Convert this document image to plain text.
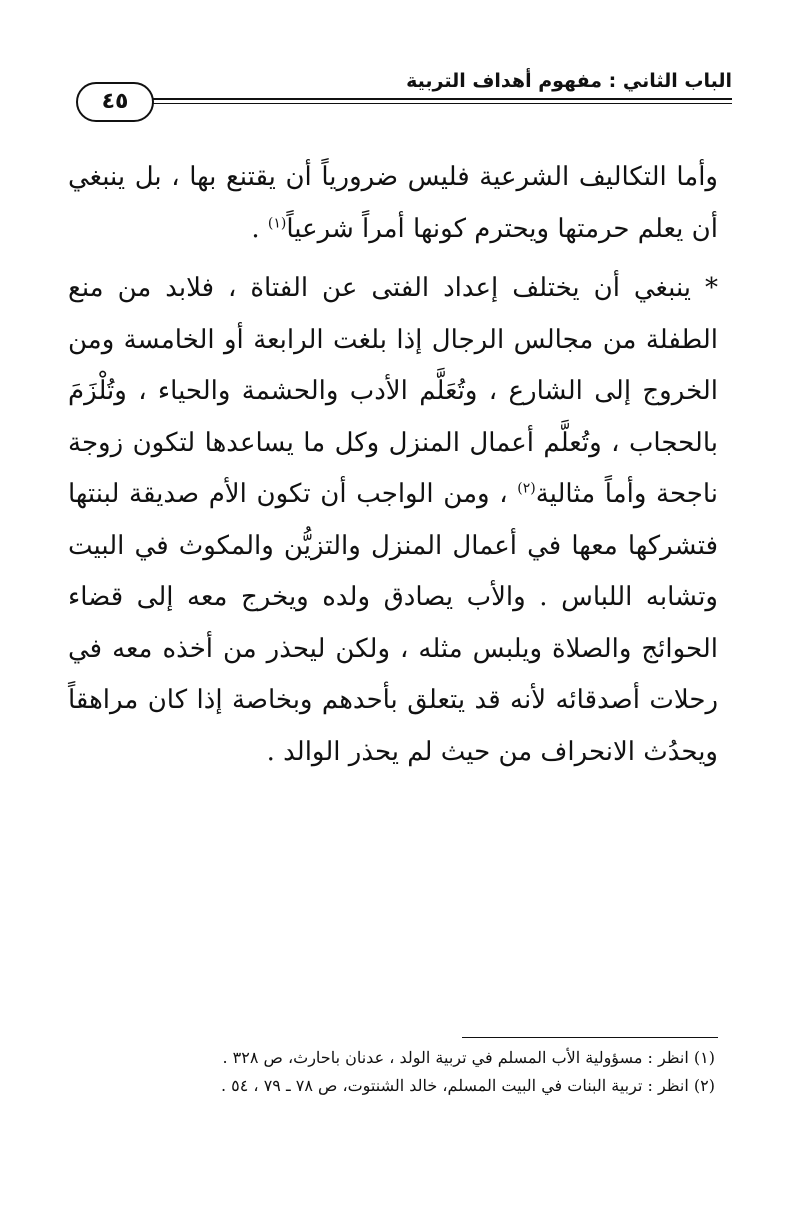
الباب الثاني : مفهوم أهداف التربية
٤٥

وأما التكاليف الشرعية فليس ضرورياً أن يقتنع بها ، بل ينبغي أن يعلم حرمتها ويحترم كونها أمراً شرعياً$^{(١)}$ .

* ينبغي أن يختلف إعداد الفتى عن الفتاة ، فلابد من منع الطفلة من مجالس الرجال إذا بلغت الرابعة أو الخامسة ومن الخروج إلى الشارع ، وتُعَلَّم الأدب والحشمة والحياء ، وتُلْزَمَ بالحجاب ، وتُعلَّم أعمال المنزل وكل ما يساعدها لتكون زوجة ناجحة وأماً مثالية$^{(٢)}$ ، ومن الواجب أن تكون الأم صديقة لبنتها فتشركها معها في أعمال المنزل والتزيُّن والمكوث في البيت وتشابه اللباس . والأب يصادق ولده ويخرج معه إلى قضاء الحوائج والصلاة ويلبس مثله ، ولكن ليحذر من أخذه معه في رحلات أصدقائه لأنه قد يتعلق بأحدهم وبخاصة إذا كان مراهقاً ويحدُث الانحراف من حيث لم يحذر الوالد .

(١) انظر : مسؤولية الأب المسلم في تربية الولد ، عدنان باحارث، ص ٣٢٨ .
(٢) انظر : تربية البنات في البيت المسلم، خالد الشنتوت، ص ٧٨ ـ ٧٩ ، ٥٤ .
